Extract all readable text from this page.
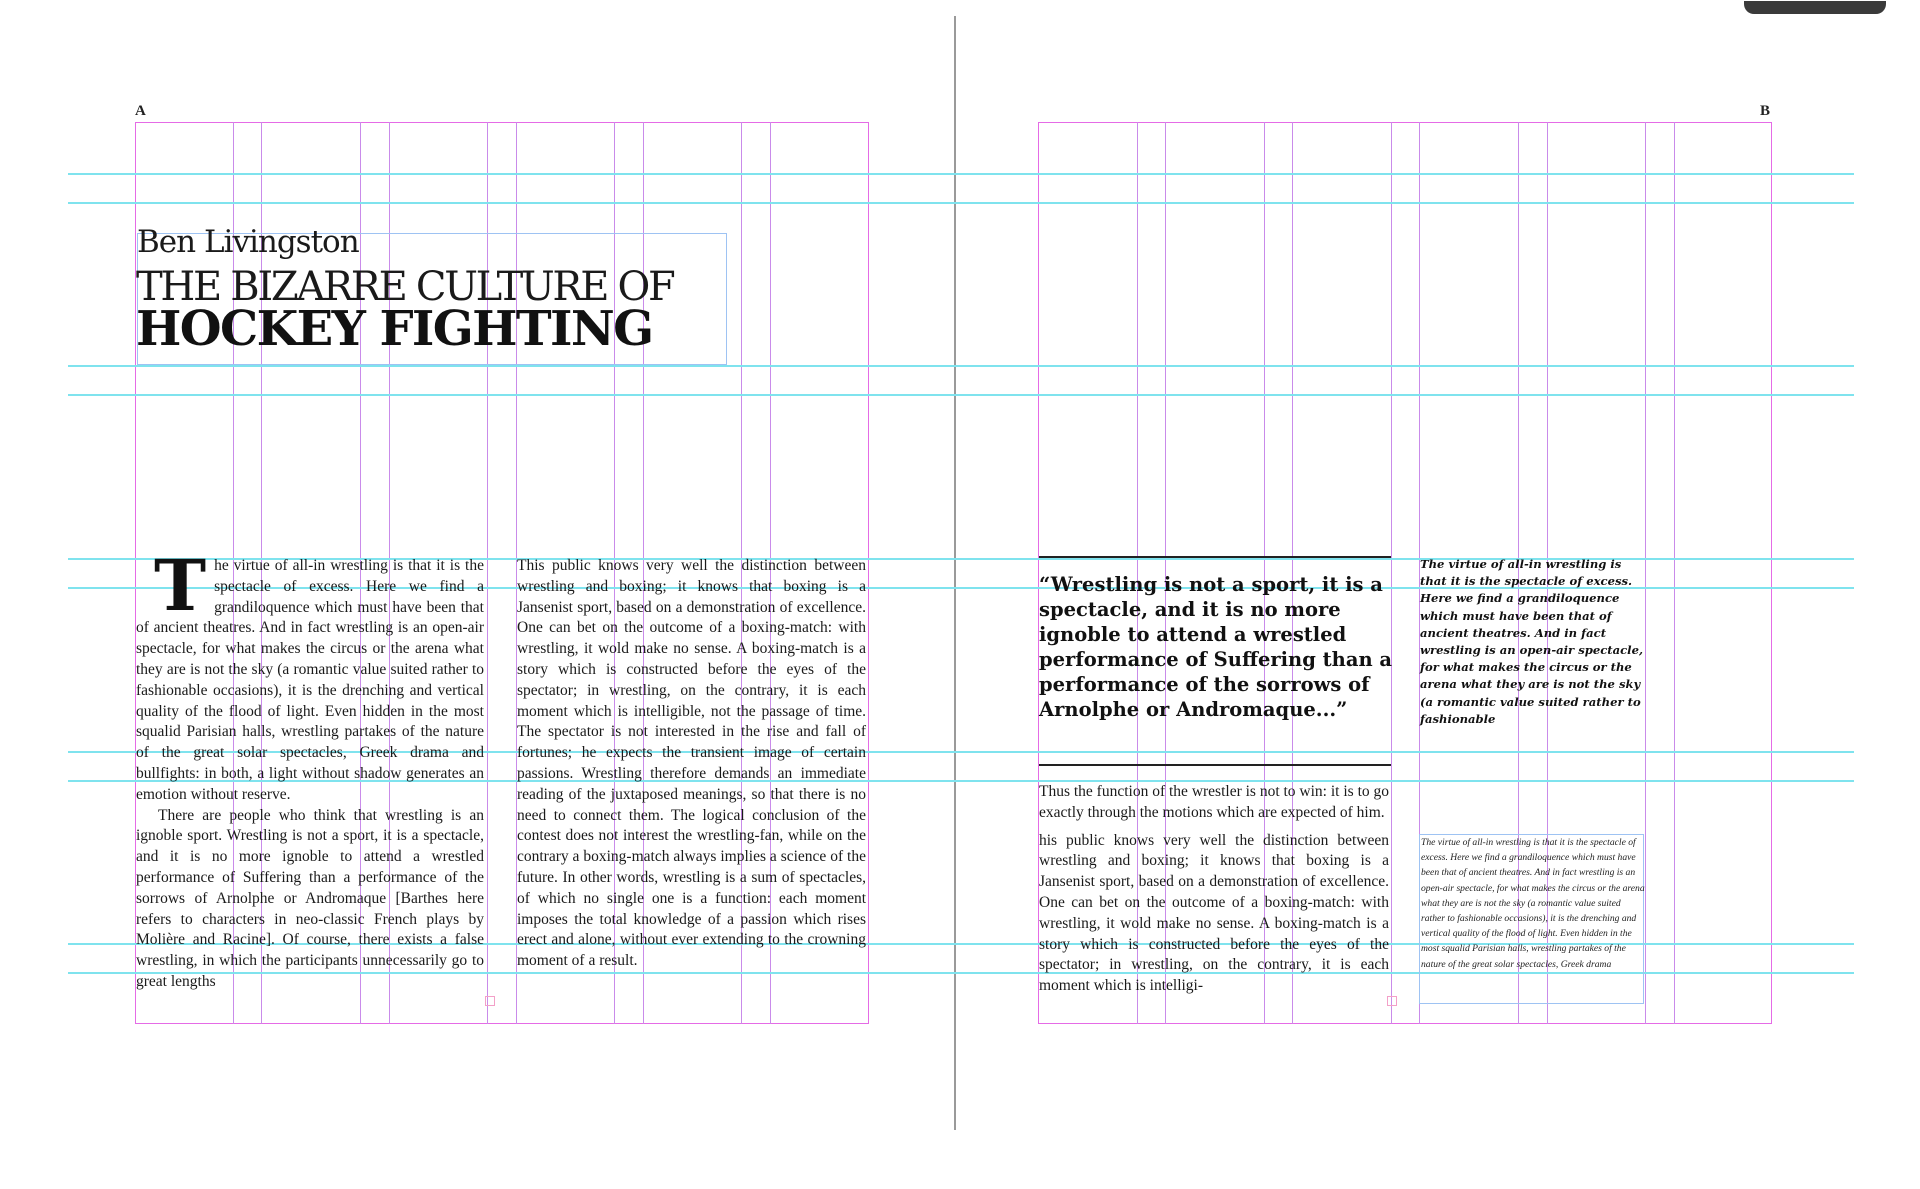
A	B
Ben Livingston
THE BIZARRE CULTURE OF
HOCKEY FIGHTING

The virtue of all-in wrestling is that it is the spectacle of excess. Here we find a grandiloquence which must have been that of ancient theatres. And in fact wrestling is an open-air spectacle, for what makes the circus or the arena what they are is not the sky (a romantic value suited rather to fashionable occasions), it is the drenching and vertical quality of the flood of light. Even hidden in the most squalid Parisian halls, wrestling partakes of the nature of the great solar spectacles, Greek drama and bullfights: in both, a light without shadow generates an emotion without reserve.

There are people who think that wrestling is an ignoble sport. Wrestling is not a sport, it is a spectacle, and it is no more ignoble to attend a wrestled performance of Suffering than a performance of the sorrows of Arnolphe or Andromaque [Barthes here refers to characters in neo-classic French plays by Molière and Racine]. Of course, there exists a false wrestling, in which the participants unnecessarily go to great lengths

This public knows very well the distinction between wrestling and boxing; it knows that boxing is a Jansenist sport, based on a demonstration of excellence. One can bet on the outcome of a boxing-match: with wrestling, it wold make no sense. A boxing-match is a story which is constructed before the eyes of the spectator; in wrestling, on the contrary, it is each moment which is intelligible, not the passage of time. The spectator is not interested in the rise and fall of fortunes; he expects the transient image of certain passions. Wrestling therefore demands an immediate reading of the juxtaposed meanings, so that there is no need to connect them. The logical conclusion of the contest does not interest the wrestling-fan, while on the contrary a boxing-match always implies a science of the future. In other words, wrestling is a sum of spectacles, of which no single one is a function: each moment imposes the total knowledge of a passion which rises erect and alone, without ever extending to the crowning moment of a result.

“Wrestling is not a sport, it is a spectacle, and it is no more ignoble to attend a wrestled performance of Suffering than a performance of the sorrows of Arnolphe or Andromaque...”

Thus the function of the wrestler is not to win: it is to go exactly through the motions which are expected of him.

his public knows very well the distinction between wrestling and boxing; it knows that boxing is a Jansenist sport, based on a demonstration of excellence. One can bet on the outcome of a boxing-match: with wrestling, it wold make no sense. A boxing-match is a story which is constructed before the eyes of the spectator; in wrestling, on the contrary, it is each moment which is intelligi-

The virtue of all-in wrestling is that it is the spectacle of excess. Here we find a grandiloquence which must have been that of ancient theatres. And in fact wrestling is an open-air spectacle, for what makes the circus or the arena what they are is not the sky (a romantic value suited rather to fashionable
The virtue of all-in wrestling is that it is the spectacle of excess. Here we find a grandiloquence which must have been that of ancient theatres. And in fact wrestling is an open-air spectacle, for what makes the circus or the arena what they are is not the sky (a romantic value suited rather to fashionable occasions), it is the drenching and vertical quality of the flood of light. Even hidden in the most squalid Parisian halls, wrestling partakes of the nature of the great solar spectacles, Greek drama
